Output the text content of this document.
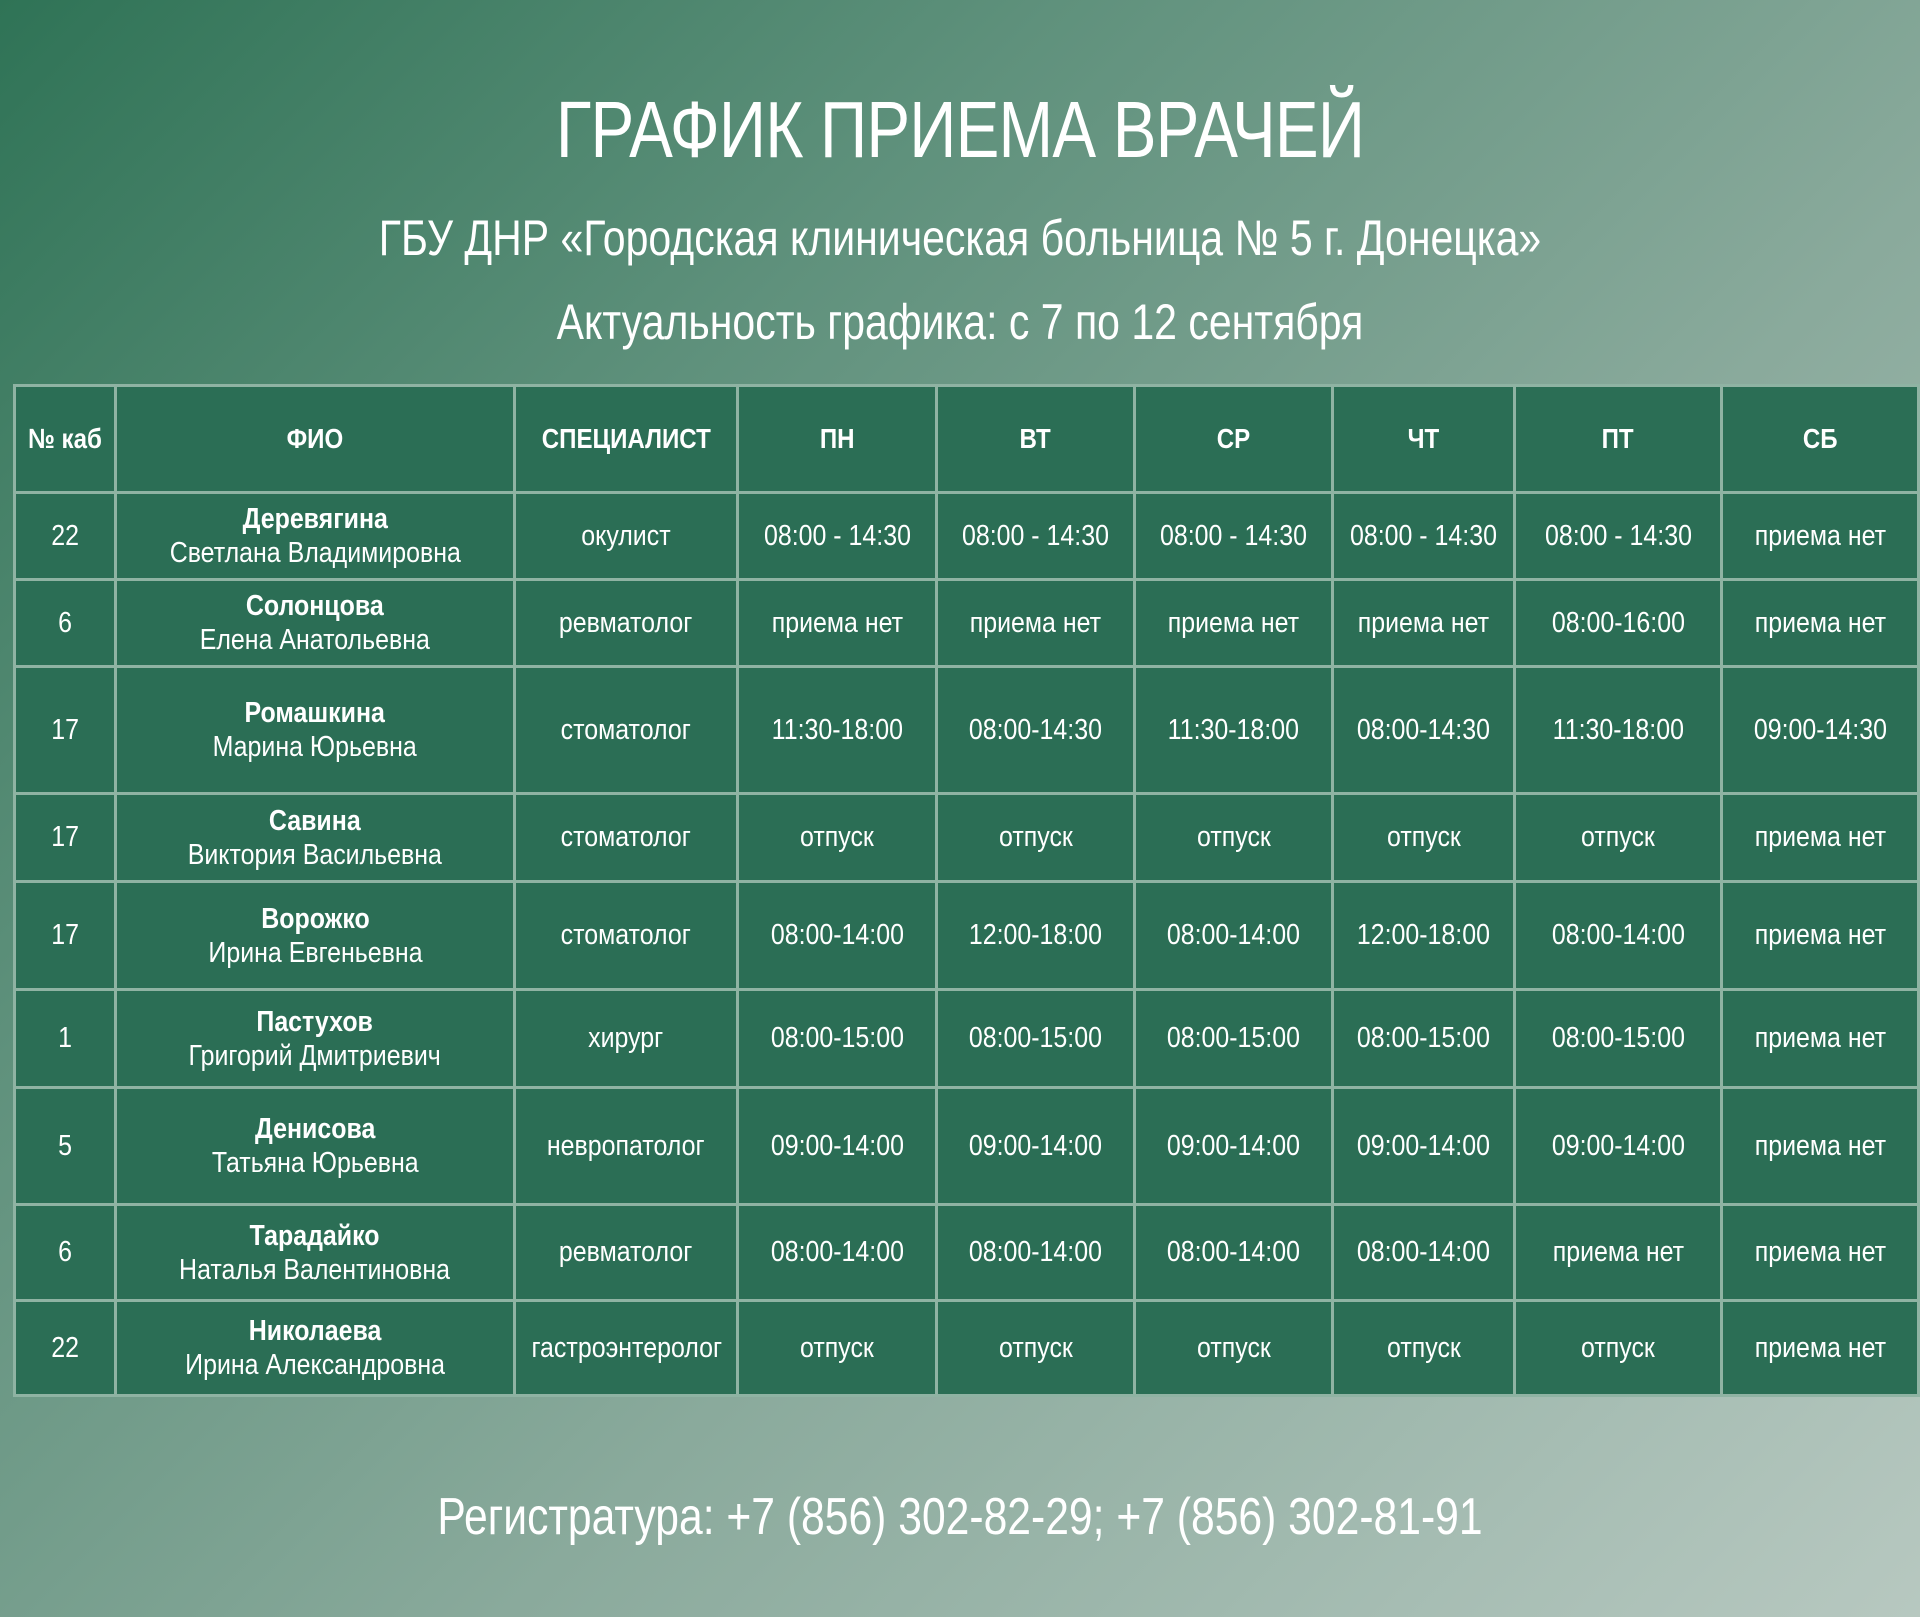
ГРАФИК ПРИЕМА ВРАЧЕЙ
ГБУ ДНР «Городская клиническая больница № 5 г. Донецка»
Актуальность графика: с 7 по 12 сентября
№ каб	ФИО	СПЕЦИАЛИСТ	ПН	ВТ	СР	ЧТ	ПТ	СБ
22	Деревягина
Светлана Владимировна	окулист	08:00 - 14:30	08:00 - 14:30	08:00 - 14:30	08:00 - 14:30	08:00 - 14:30	приема нет
6	Солонцова
Елена Анатольевна	ревматолог	приема нет	приема нет	приема нет	приема нет	08:00-16:00	приема нет
17	Ромашкина
Марина Юрьевна	стоматолог	11:30-18:00	08:00-14:30	11:30-18:00	08:00-14:30	11:30-18:00	09:00-14:30
17	Савина
Виктория Васильевна	стоматолог	отпуск	отпуск	отпуск	отпуск	отпуск	приема нет
17	Ворожко
Ирина Евгеньевна	стоматолог	08:00-14:00	12:00-18:00	08:00-14:00	12:00-18:00	08:00-14:00	приема нет
1	Пастухов
Григорий Дмитриевич	хирург	08:00-15:00	08:00-15:00	08:00-15:00	08:00-15:00	08:00-15:00	приема нет
5	Денисова
Татьяна Юрьевна	невропатолог	09:00-14:00	09:00-14:00	09:00-14:00	09:00-14:00	09:00-14:00	приема нет
6	Тарадайко
Наталья Валентиновна	ревматолог	08:00-14:00	08:00-14:00	08:00-14:00	08:00-14:00	приема нет	приема нет
22	Николаева
Ирина Александровна	гастроэнтеролог	отпуск	отпуск	отпуск	отпуск	отпуск	приема нет
Регистратура: +7 (856) 302-82-29; +7 (856) 302-81-91
